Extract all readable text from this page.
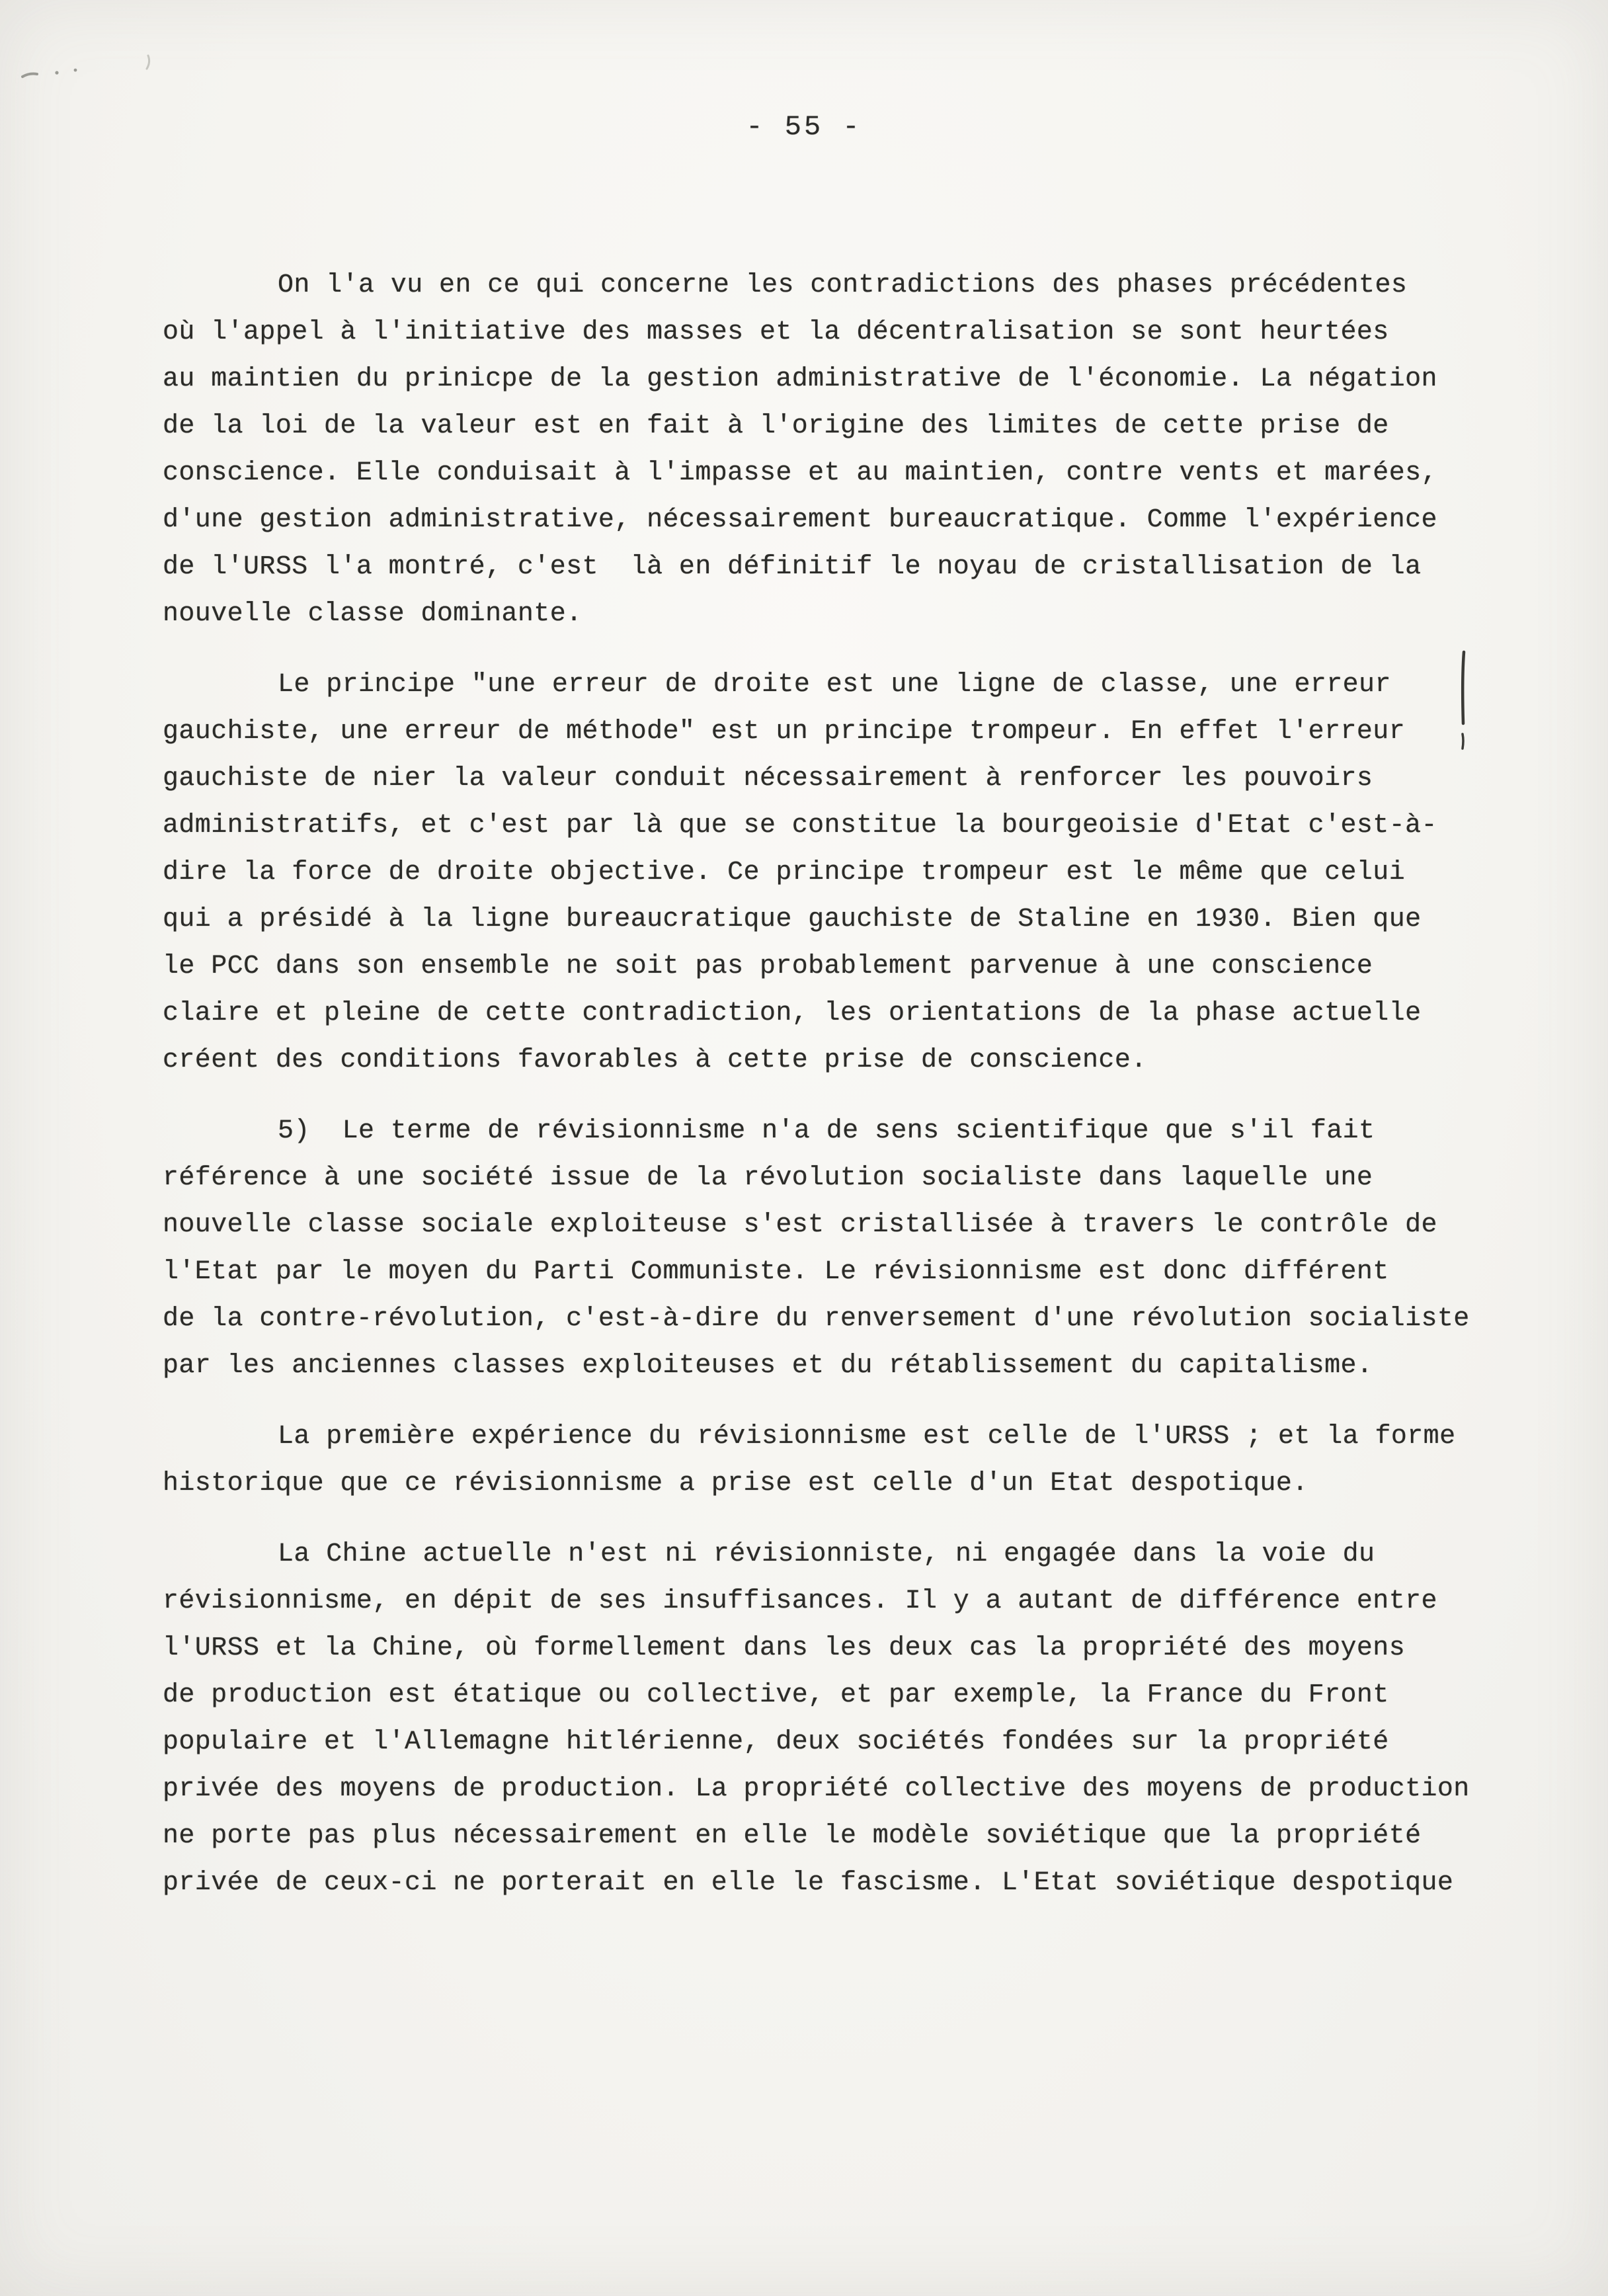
- 55 -

On l'a vu en ce qui concerne les contradictions des phases précédentes
où l'appel à l'initiative des masses et la décentralisation se sont heurtées
au maintien du prinicpe de la gestion administrative de l'économie. La négation
de la loi de la valeur est en fait à l'origine des limites de cette prise de
conscience. Elle conduisait à l'impasse et au maintien, contre vents et marées,
d'une gestion administrative, nécessairement bureaucratique. Comme l'expérience
de l'URSS l'a montré, c'est  là en définitif le noyau de cristallisation de la
nouvelle classe dominante.

Le principe "une erreur de droite est une ligne de classe, une erreur
gauchiste, une erreur de méthode" est un principe trompeur. En effet l'erreur
gauchiste de nier la valeur conduit nécessairement à renforcer les pouvoirs
administratifs, et c'est par là que se constitue la bourgeoisie d'Etat c'est-à-
dire la force de droite objective. Ce principe trompeur est le même que celui
qui a présidé à la ligne bureaucratique gauchiste de Staline en 1930. Bien que
le PCC dans son ensemble ne soit pas probablement parvenue à une conscience
claire et pleine de cette contradiction, les orientations de la phase actuelle
créent des conditions favorables à cette prise de conscience.

5)  Le terme de révisionnisme n'a de sens scientifique que s'il fait
référence à une société issue de la révolution socialiste dans laquelle une
nouvelle classe sociale exploiteuse s'est cristallisée à travers le contrôle de
l'Etat par le moyen du Parti Communiste. Le révisionnisme est donc différent
de la contre-révolution, c'est-à-dire du renversement d'une révolution socialiste
par les anciennes classes exploiteuses et du rétablissement du capitalisme.

La première expérience du révisionnisme est celle de l'URSS ; et la forme
historique que ce révisionnisme a prise est celle d'un Etat despotique.

La Chine actuelle n'est ni révisionniste, ni engagée dans la voie du
révisionnisme, en dépit de ses insuffisances. Il y a autant de différence entre
l'URSS et la Chine, où formellement dans les deux cas la propriété des moyens
de production est étatique ou collective, et par exemple, la France du Front
populaire et l'Allemagne hitlérienne, deux sociétés fondées sur la propriété
privée des moyens de production. La propriété collective des moyens de production
ne porte pas plus nécessairement en elle le modèle soviétique que la propriété
privée de ceux-ci ne porterait en elle le fascisme. L'Etat soviétique despotique
